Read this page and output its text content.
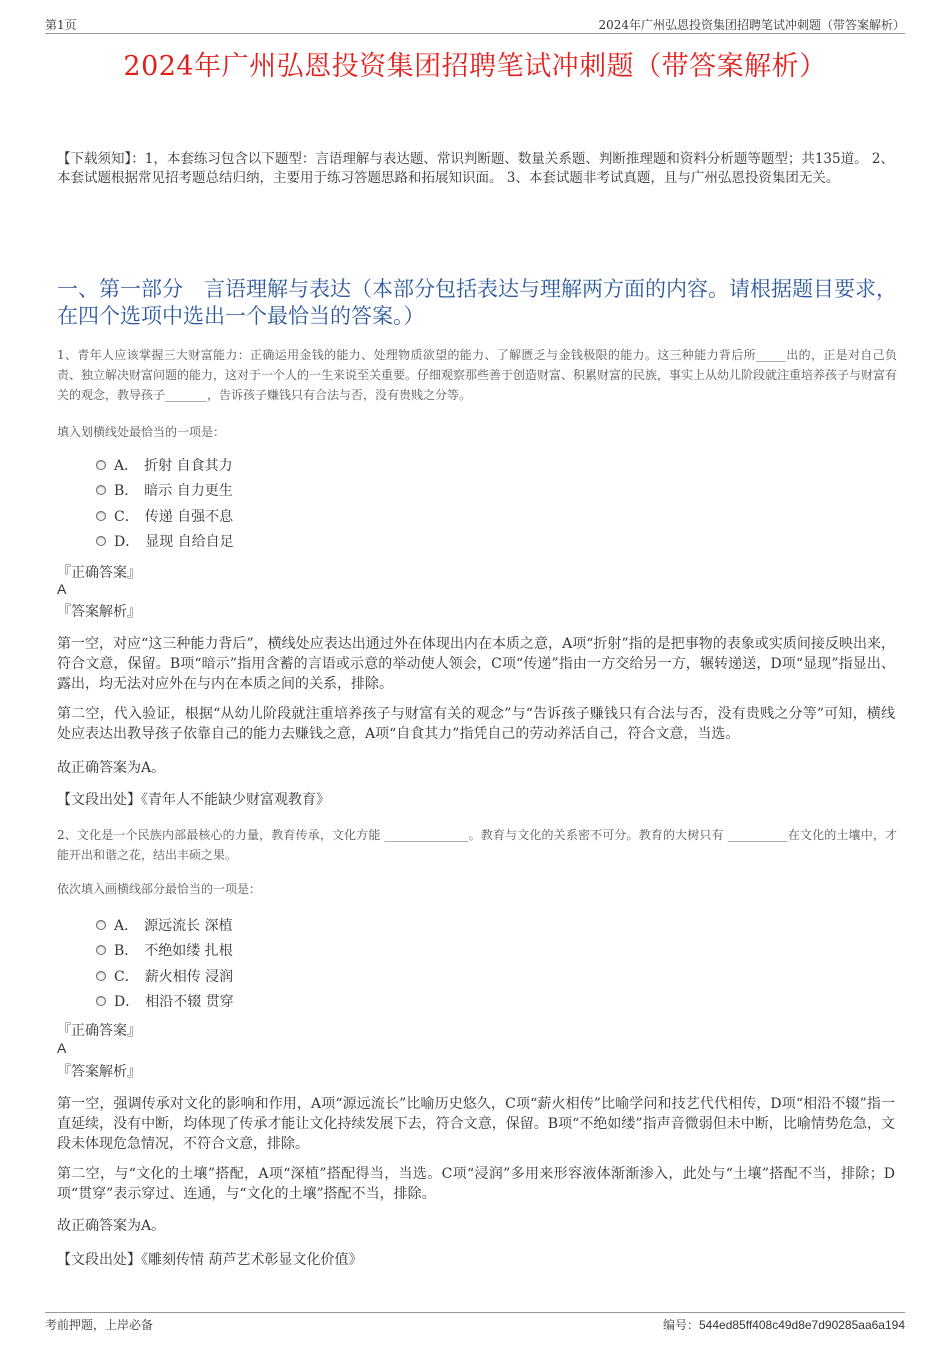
第1页	2024年广州弘恩投资集团招聘笔试冲刺题（带答案解析）
2024年广州弘恩投资集团招聘笔试冲刺题（带答案解析）
【下载须知】：1，本套练习包含以下题型：言语理解与表达题、常识判断题、数量关系题、判断推理题和资料分析题等题型；共135道。 2、本套试题根据常见招考题总结归纳，主要用于练习答题思路和拓展知识面。 3、本套试题非考试真题，且与广州弘恩投资集团无关。
一、第一部分　言语理解与表达（本部分包括表达与理解两方面的内容。请根据题目要求，在四个选项中选出一个最恰当的答案。）
1、青年人应该掌握三大财富能力：正确运用金钱的能力、处理物质欲望的能力、了解匮乏与金钱极限的能力。这三种能力背后所_____出的，正是对自己负责、独立解决财富问题的能力，这对于一个人的一生来说至关重要。仔细观察那些善于创造财富、积累财富的民族，事实上从幼儿阶段就注重培养孩子与财富有关的观念，教导孩子_______，告诉孩子赚钱只有合法与否，没有贵贱之分等。
填入划横线处最恰当的一项是：
A． 折射 自食其力
B． 暗示 自力更生
C． 传递 自强不息
D． 显现 自给自足
『正确答案』
A
『答案解析』
第一空，对应“这三种能力背后”，横线处应表达出通过外在体现出内在本质之意，A项“折射”指的是把事物的表象或实质间接反映出来，符合文意，保留。B项“暗示”指用含蓄的言语或示意的举动使人领会，C项“传递”指由一方交给另一方，辗转递送，D项“显现”指显出、露出，均无法对应外在与内在本质之间的关系，排除。
第二空，代入验证，根据“从幼儿阶段就注重培养孩子与财富有关的观念”与“告诉孩子赚钱只有合法与否，没有贵贱之分等”可知，横线处应表达出教导孩子依靠自己的能力去赚钱之意，A项“自食其力”指凭自己的劳动养活自己，符合文意，当选。
故正确答案为A。
【文段出处】《青年人不能缺少财富观教育》
2、文化是一个民族内部最核心的力量，教育传承，文化方能 ______________。教育与文化的关系密不可分。教育的大树只有 __________在文化的土壤中，才能开出和谐之花，结出丰硕之果。
依次填入画横线部分最恰当的一项是：
A． 源远流长 深植
B． 不绝如缕 扎根
C． 薪火相传 浸润
D． 相沿不辍 贯穿
『正确答案』
A
『答案解析』
第一空，强调传承对文化的影响和作用，A项“源远流长”比喻历史悠久，C项“薪火相传”比喻学问和技艺代代相传，D项“相沿不辍”指一直延续，没有中断，均体现了传承才能让文化持续发展下去，符合文意，保留。B项“不绝如缕”指声音微弱但未中断，比喻情势危急，文段未体现危急情况，不符合文意，排除。
第二空，与“文化的土壤”搭配，A项“深植”搭配得当，当选。C项“浸润”多用来形容液体渐渐渗入，此处与“土壤”搭配不当，排除；D项“贯穿”表示穿过、连通，与“文化的土壤”搭配不当，排除。
故正确答案为A。
【文段出处】《雕刻传情 葫芦艺术彰显文化价值》
考前押题，上岸必备	编号：544ed85ff408c49d8e7d90285aa6a194
